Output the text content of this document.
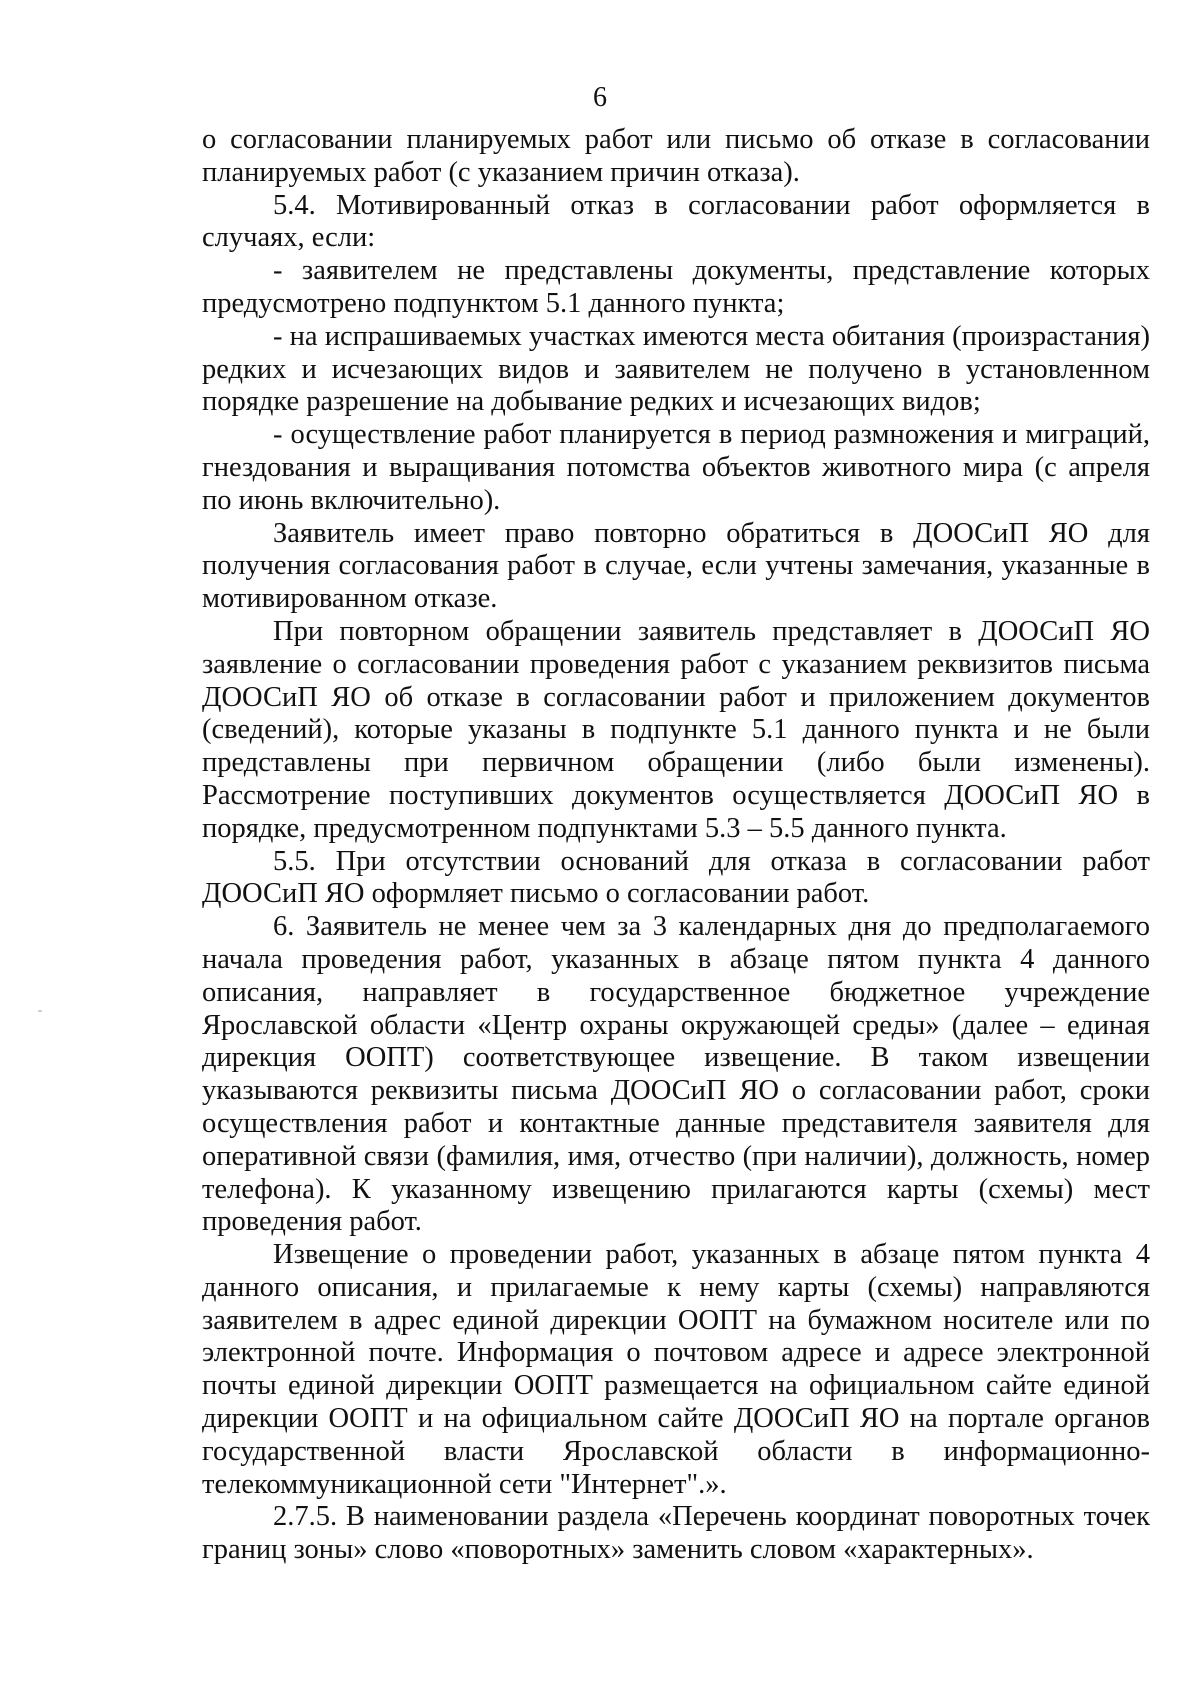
6

о согласовании планируемых работ или письмо об отказе в согласовании планируемых работ (с указанием причин отказа).

5.4. Мотивированный отказ в согласовании работ оформляется в случаях, если:

- заявителем не представлены документы, представление которых предусмотрено подпунктом 5.1 данного пункта;

- на испрашиваемых участках имеются места обитания (произрастания) редких и исчезающих видов и заявителем не получено в установленном порядке разрешение на добывание редких и исчезающих видов;

- осуществление работ планируется в период размножения и миграций, гнездования и выращивания потомства объектов животного мира (с апреля по июнь включительно).

Заявитель имеет право повторно обратиться в ДООСиП ЯО для получения согласования работ в случае, если учтены замечания, указанные в мотивированном отказе.

При повторном обращении заявитель представляет в ДООСиП ЯО заявление о согласовании проведения работ с указанием реквизитов письма ДООСиП ЯО об отказе в согласовании работ и приложением документов (сведений), которые указаны в подпункте 5.1 данного пункта и не были представлены при первичном обращении (либо были изменены). Рассмотрение поступивших документов осуществляется ДООСиП ЯО в порядке, предусмотренном подпунктами 5.3 – 5.5 данного пункта.

5.5. При отсутствии оснований для отказа в согласовании работ ДООСиП ЯО оформляет письмо о согласовании работ.

6. Заявитель не менее чем за 3 календарных дня до предполагаемого начала проведения работ, указанных в абзаце пятом пункта 4 данного описания, направляет в государственное бюджетное учреждение Ярославской области «Центр охраны окружающей среды» (далее – единая дирекция ООПТ) соответствующее извещение. В таком извещении указываются реквизиты письма ДООСиП ЯО о согласовании работ, сроки осуществления работ и контактные данные представителя заявителя для оперативной связи (фамилия, имя, отчество (при наличии), должность, номер телефона). К указанному извещению прилагаются карты (схемы) мест проведения работ.

Извещение о проведении работ, указанных в абзаце пятом пункта 4 данного описания, и прилагаемые к нему карты (схемы) направляются заявителем в адрес единой дирекции ООПТ на бумажном носителе или по электронной почте. Информация о почтовом адресе и адресе электронной почты единой дирекции ООПТ размещается на официальном сайте единой дирекции ООПТ и на официальном сайте ДООСиП ЯО на портале органов государственной власти Ярославской области в информационно-телекоммуникационной сети "Интернет".».

2.7.5. В наименовании раздела «Перечень координат поворотных точек границ зоны» слово «поворотных» заменить словом «характерных».
